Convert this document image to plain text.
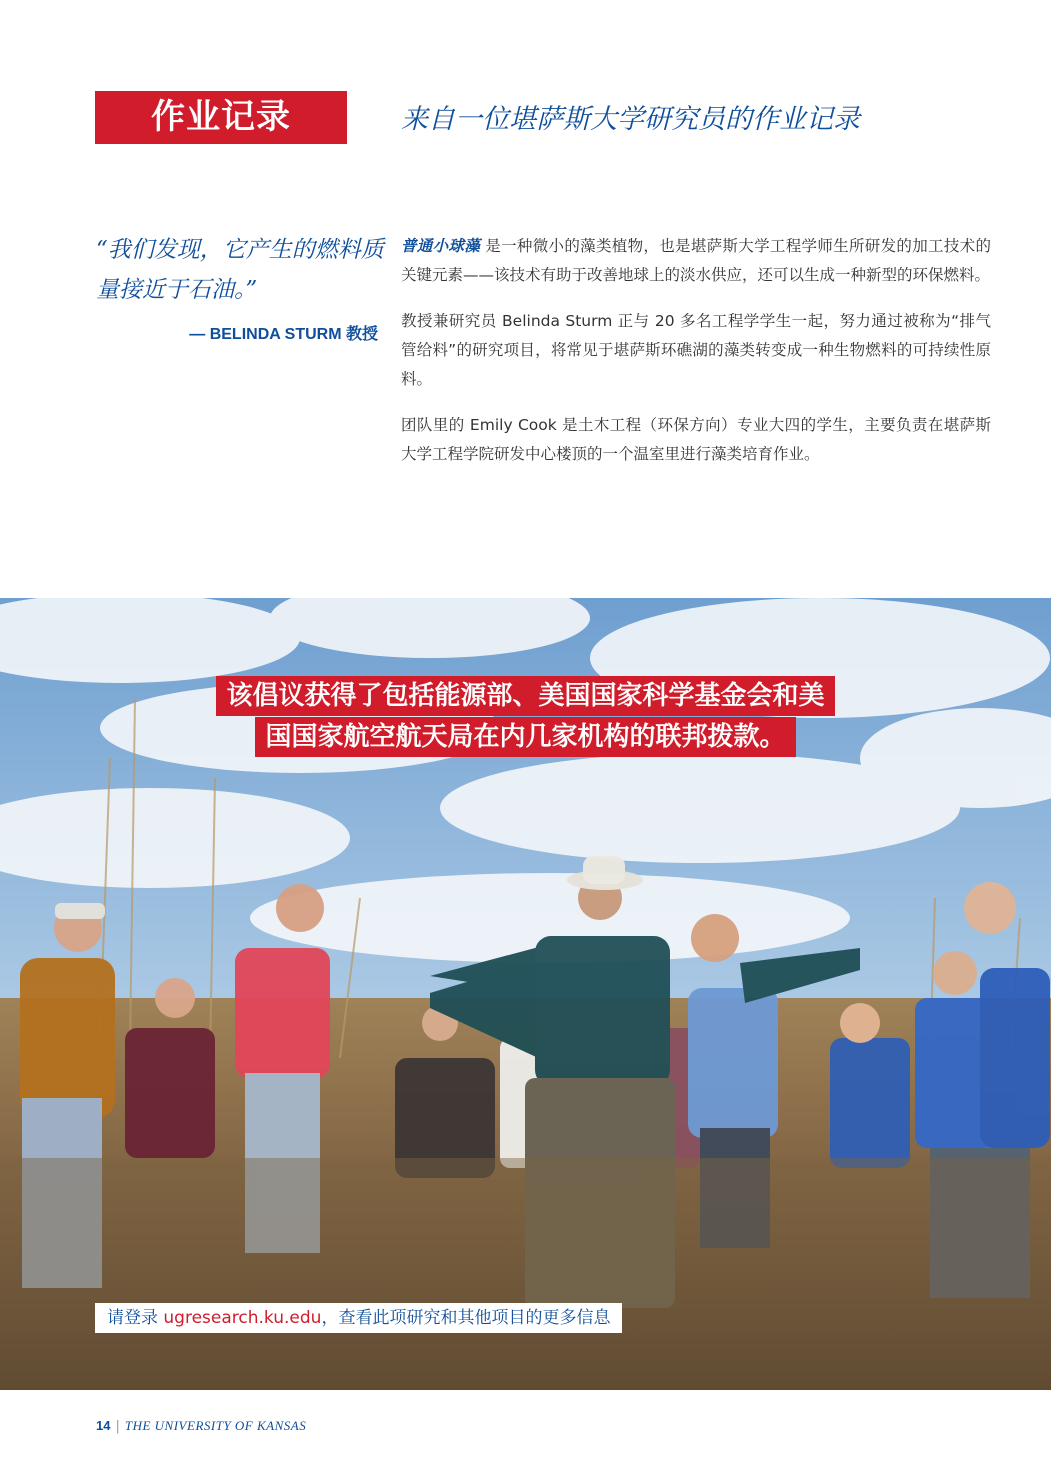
作业记录	来自一位堪萨斯大学研究员的作业记录
“我们发现，它产生的燃料质量接近于石油。”
— BELINDA STURM 教授

普通小球藻 是一种微小的藻类植物，也是堪萨斯大学工程学师生所研发的加工技术的关键元素——该技术有助于改善地球上的淡水供应，还可以生成一种新型的环保燃料。

教授兼研究员 Belinda Sturm 正与 20 多名工程学学生一起，努力通过被称为“排气管给料”的研究项目，将常见于堪萨斯环礁湖的藻类转变成一种生物燃料的可持续性原料。

团队里的 Emily Cook 是土木工程（环保方向）专业大四的学生，主要负责在堪萨斯大学工程学院研发中心楼顶的一个温室里进行藻类培育作业。

该倡议获得了包括能源部、美国国家科学基金会和美
国国家航空航天局在内几家机构的联邦拨款。
请登录 ugresearch.ku.edu，查看此项研究和其他项目的更多信息
14 | THE UNIVERSITY OF KANSAS
